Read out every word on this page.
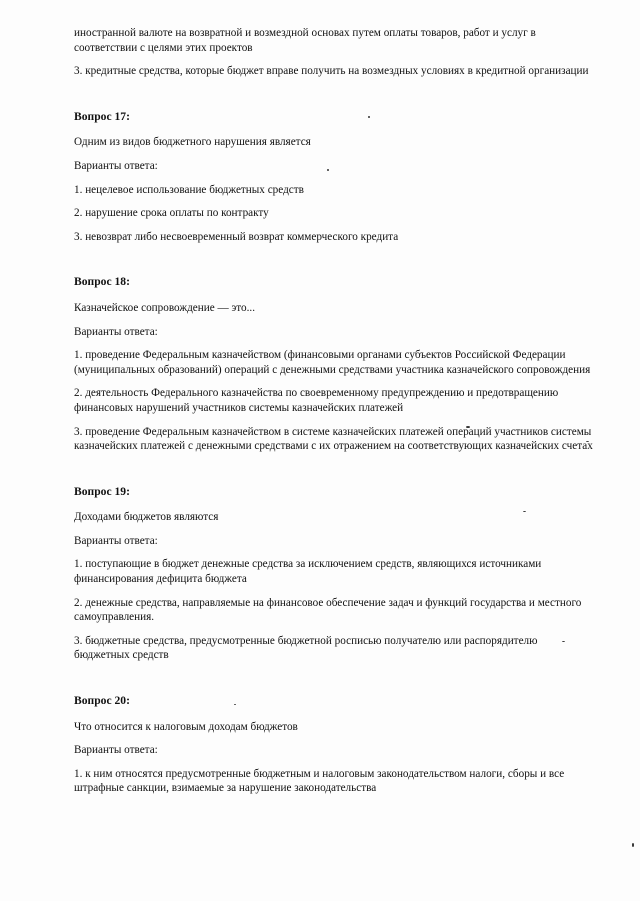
иностранной валюте на возвратной и возмездной основах путем оплаты товаров, работ и услуг в соответствии с целями этих проектов

3. кредитные средства, которые бюджет вправе получить на возмездных условиях в кредитной организации

Вопрос 17:

Одним из видов бюджетного нарушения является

Варианты ответа:

1. нецелевое использование бюджетных средств

2. нарушение срока оплаты по контракту

3. невозврат либо несвоевременный возврат коммерческого кредита

Вопрос 18:

Казначейское сопровождение — это...

Варианты ответа:

1. проведение Федеральным казначейством (финансовыми органами субъектов Российской Федерации (муниципальных образований) операций с денежными средствами участника казначейского сопровождения

2. деятельность Федерального казначейства по своевременному предупреждению и предотвращению финансовых нарушений участников системы казначейских платежей

3. проведение Федеральным казначейством в системе казначейских платежей операций участников системы казначейских платежей с денежными средствами с их отражением на соответствующих казначейских счетах

Вопрос 19:

Доходами бюджетов являются

Варианты ответа:

1. поступающие в бюджет денежные средства за исключением средств, являющихся источниками финансирования дефицита бюджета

2. денежные средства, направляемые на финансовое обеспечение задач и функций государства и местного самоуправления.

3. бюджетные средства, предусмотренные бюджетной росписью получателю или распорядителю бюджетных средств

Вопрос 20:

Что относится к налоговым доходам бюджетов

Варианты ответа:

1. к ним относятся предусмотренные бюджетным и налоговым законодательством налоги, сборы и все штрафные санкции, взимаемые за нарушение законодательства
